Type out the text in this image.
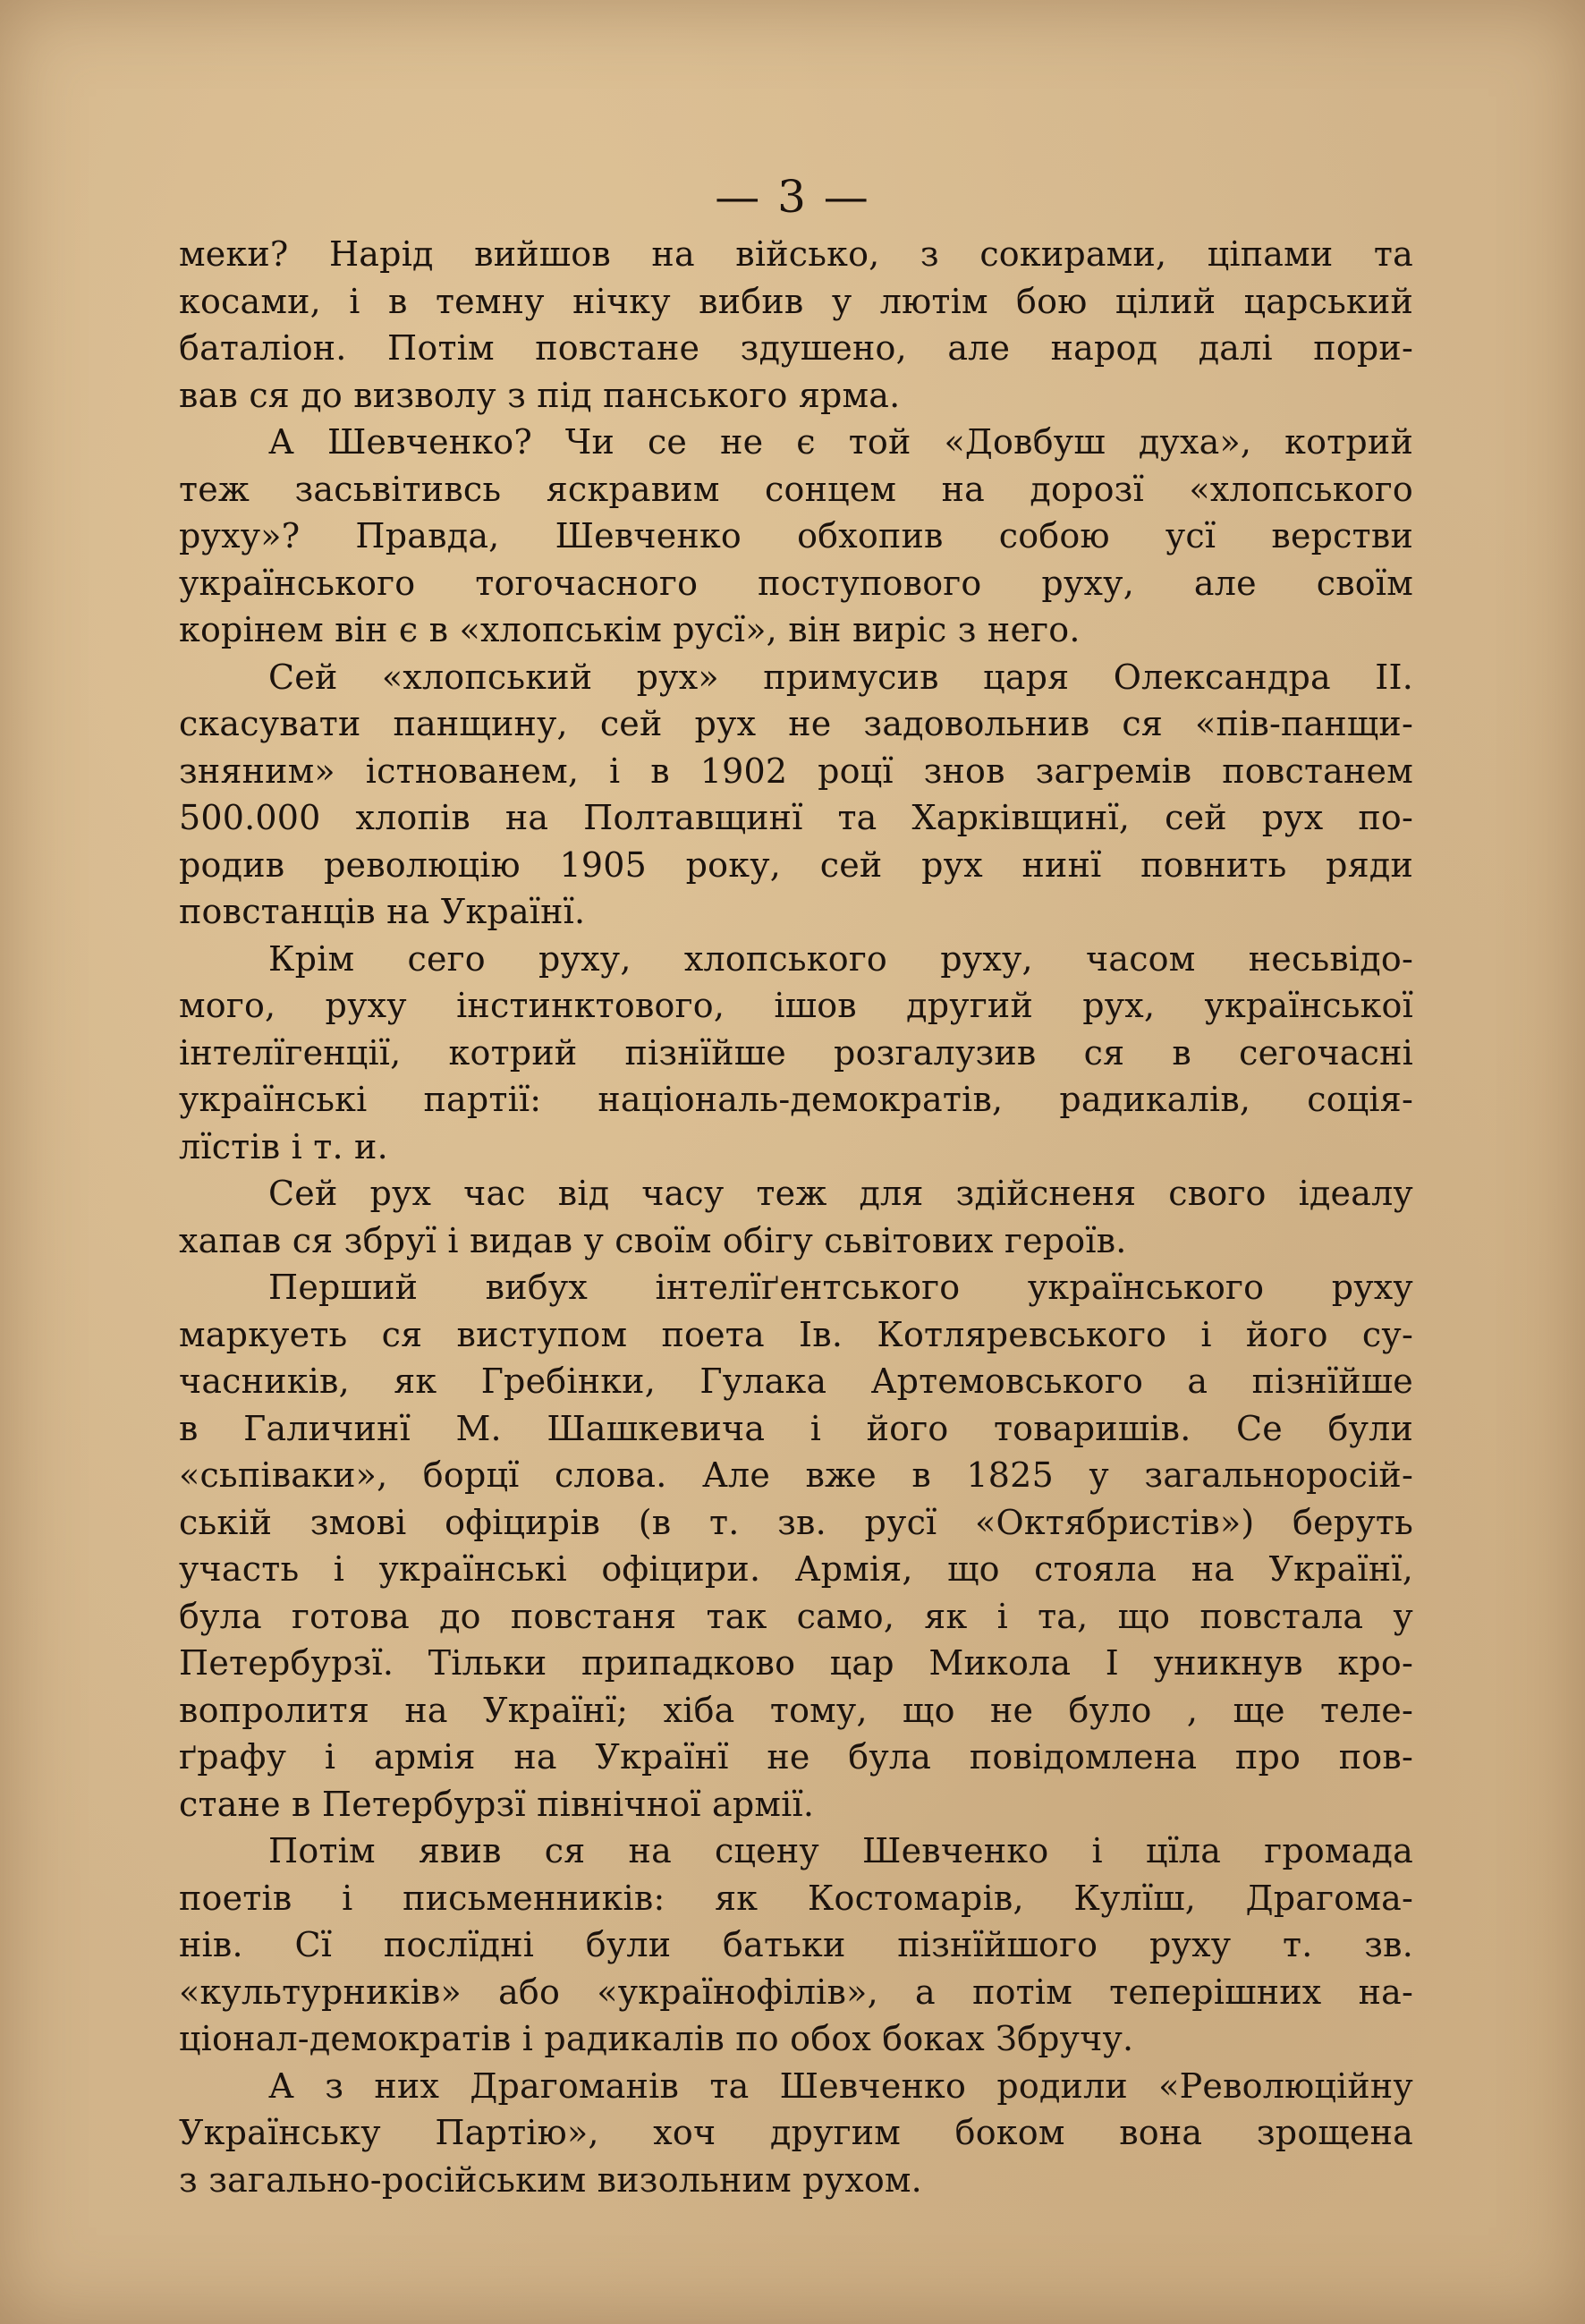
— 3 —
меки? Нарід вийшов на військо, з сокирами, ціпами та
косами, і в темну нічку вибив у лютім бою цілий царський
баталіон. Потім повстане здушено, але народ далі пори-
вав ся до визволу з під панського ярма.
А Шевченко? Чи се не є той «Довбуш духа», котрий
теж засьвітивсь яскравим сонцем на дорозї «хлопського
руху»? Правда, Шевченко обхопив собою усї верстви
українського тогочасного поступового руху, але своїм
корінем він є в «хлопськім русї», він виріс з него.
Сей «хлопський рух» примусив царя Олександра II.
скасувати панщину, сей рух не задовольнив ся «пів-панщи-
зняним» істнованем, і в 1902 роцї знов загремів повстанем
500.000 хлопів на Полтавщинї та Харківщинї, сей рух по-
родив революцію 1905 року, сей рух нинї повнить ряди
повстанців на Українї.
Крім сего руху, хлопського руху, часом несьвідо-
мого, руху інстинктового, ішов другий рух, української
інтелїгенції, котрий пізнїйше розгалузив ся в сегочасні
українські партії: національ-демократів, радикалів, соція-
лїстів і т. и.
Сей рух час від часу теж для здійсненя свого ідеалу
хапав ся збруї і видав у своїм обігу сьвітових героїв.
Перший вибух інтелїґентського українського руху
маркуеть ся виступом поета Ів. Котляревського і його су-
часників, як Гребінки, Гулака Артемовського а пізнїйше
в Галичинї М. Шашкевича і його товаришів. Се були
«сьпіваки», борцї слова. Але вже в 1825 у загальноросій-
ській змові офіцирів (в т. зв. русї «Октябристів») беруть
участь і українські офіцири. Армія, що стояла на Українї,
була готова до повстаня так само, як і та, що повстала у
Петербурзї. Тільки припадково цар Микола I уникнув кро-
вопролитя на Українї; хіба тому, що не було , ще теле-
ґрафу і армія на Українї не була повідомлена про пов-
стане в Петербурзї північної армії.
Потім явив ся на сцену Шевченко і цїла громада
поетів і письменників: як Костомарів, Кулїш, Драгома-
нів. Сї послїдні були батьки пізнїйшого руху т. зв.
«культурників» або «украïнофілів», а потім теперішних на-
ціонал-демократів і радикалів по обох боках Збручу.
А з них Драгоманів та Шевченко родили «Революційну
Українську Партію», хоч другим боком вона зрощена
з загально-російським визольним рухом.
